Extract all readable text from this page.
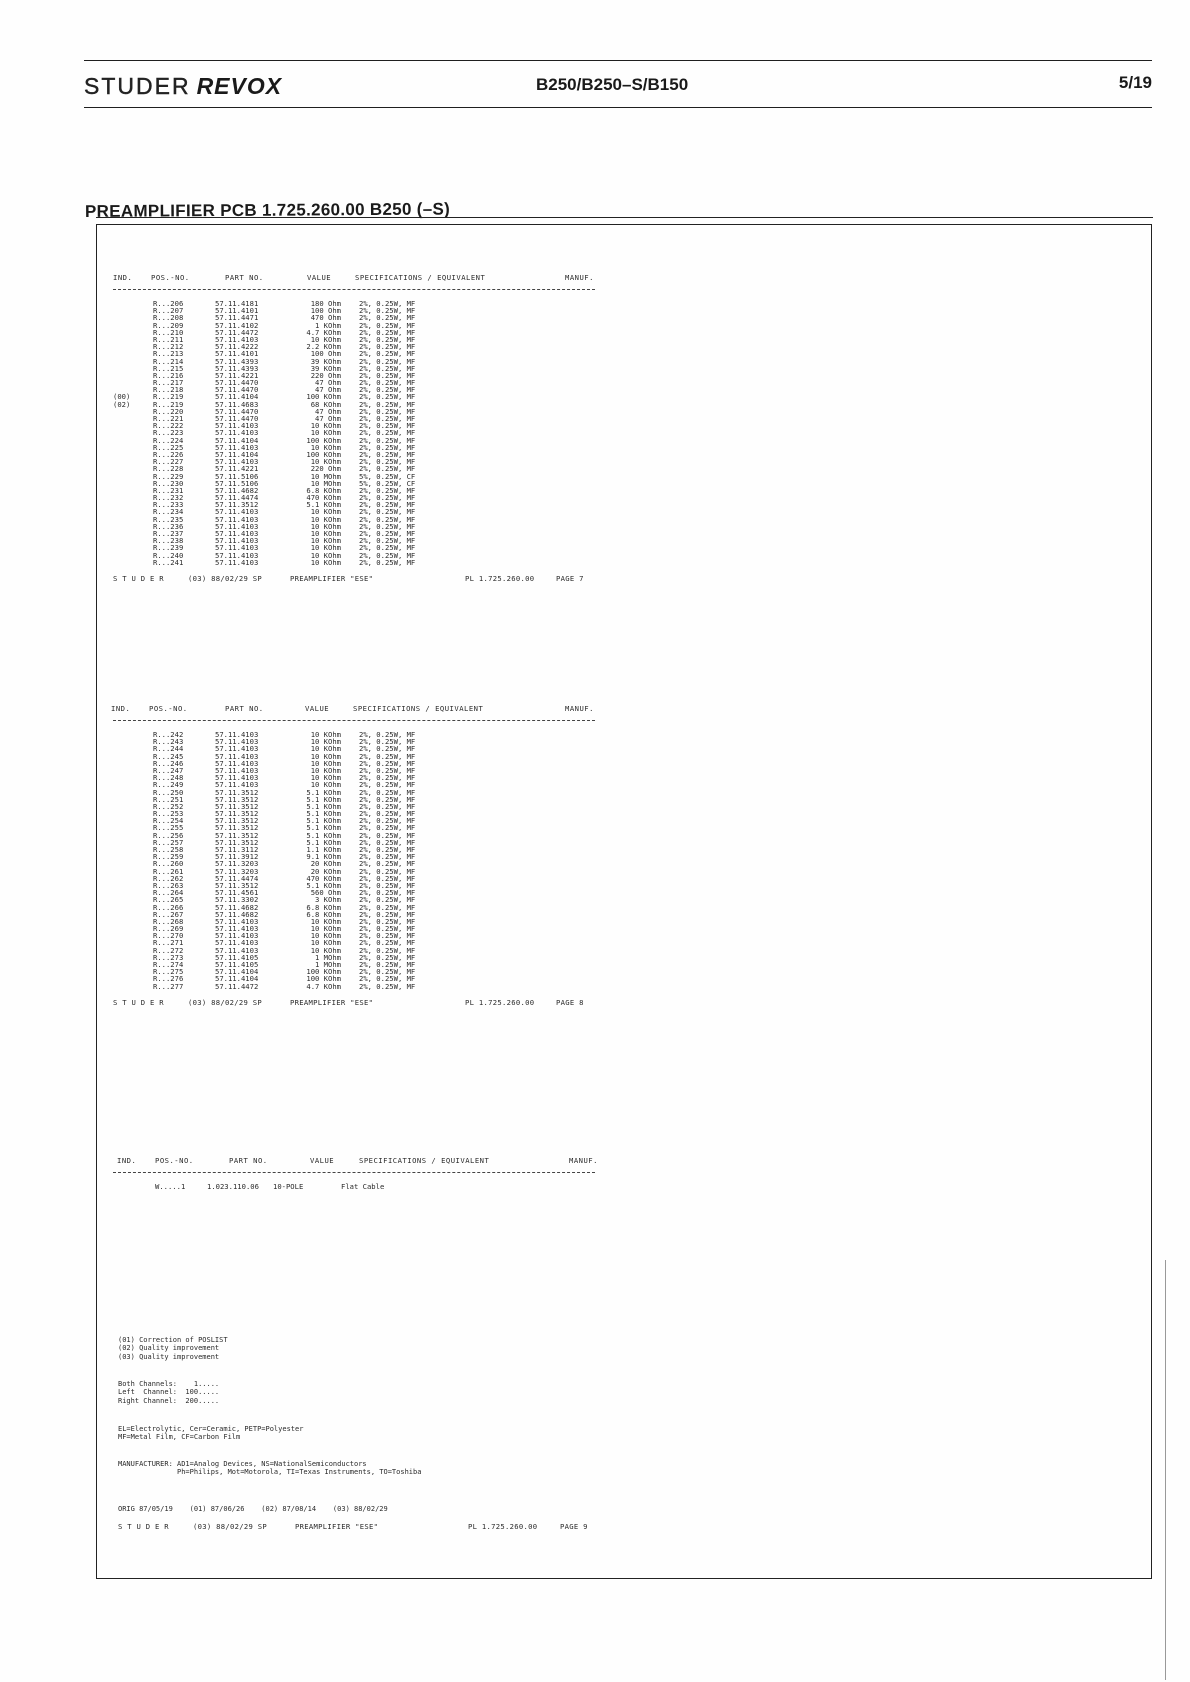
STUDER REVOX	B250/B250–S/B150	5/19
PREAMPLIFIER PCB 1.725.260.00 B250 (–S)
IND.	POS.-NO.	PART NO.	VALUE	SPECIFICATIONS / EQUIVALENT	MANUF.
R...206	57.11.4181	180 Ohm	2%, 0.25W, MF
R...207	57.11.4101	100 Ohm	2%, 0.25W, MF
R...208	57.11.4471	470 Ohm	2%, 0.25W, MF
R...209	57.11.4102	1 KOhm	2%, 0.25W, MF
R...210	57.11.4472	4.7 KOhm	2%, 0.25W, MF
R...211	57.11.4103	10 KOhm	2%, 0.25W, MF
R...212	57.11.4222	2.2 KOhm	2%, 0.25W, MF
R...213	57.11.4101	100 Ohm	2%, 0.25W, MF
R...214	57.11.4393	39 KOhm	2%, 0.25W, MF
R...215	57.11.4393	39 KOhm	2%, 0.25W, MF
R...216	57.11.4221	220 Ohm	2%, 0.25W, MF
R...217	57.11.4470	47 Ohm	2%, 0.25W, MF
R...218	57.11.4470	47 Ohm	2%, 0.25W, MF
(00)	R...219	57.11.4104	100 KOhm	2%, 0.25W, MF
(02)	R...219	57.11.4683	68 KOhm	2%, 0.25W, MF
R...220	57.11.4470	47 Ohm	2%, 0.25W, MF
R...221	57.11.4470	47 Ohm	2%, 0.25W, MF
R...222	57.11.4103	10 KOhm	2%, 0.25W, MF
R...223	57.11.4103	10 KOhm	2%, 0.25W, MF
R...224	57.11.4104	100 KOhm	2%, 0.25W, MF
R...225	57.11.4103	10 KOhm	2%, 0.25W, MF
R...226	57.11.4104	100 KOhm	2%, 0.25W, MF
R...227	57.11.4103	10 KOhm	2%, 0.25W, MF
R...228	57.11.4221	220 Ohm	2%, 0.25W, MF
R...229	57.11.5106	10 MOhm	5%, 0.25W, CF
R...230	57.11.5106	10 MOhm	5%, 0.25W, CF
R...231	57.11.4682	6.8 KOhm	2%, 0.25W, MF
R...232	57.11.4474	470 KOhm	2%, 0.25W, MF
R...233	57.11.3512	5.1 KOhm	2%, 0.25W, MF
R...234	57.11.4103	10 KOhm	2%, 0.25W, MF
R...235	57.11.4103	10 KOhm	2%, 0.25W, MF
R...236	57.11.4103	10 KOhm	2%, 0.25W, MF
R...237	57.11.4103	10 KOhm	2%, 0.25W, MF
R...238	57.11.4103	10 KOhm	2%, 0.25W, MF
R...239	57.11.4103	10 KOhm	2%, 0.25W, MF
R...240	57.11.4103	10 KOhm	2%, 0.25W, MF
R...241	57.11.4103	10 KOhm	2%, 0.25W, MF
S T U D E R	(03) 88/02/29 SP	PREAMPLIFIER "ESE"	PL 1.725.260.00	PAGE 7
IND.	POS.-NO.	PART NO.	VALUE	SPECIFICATIONS / EQUIVALENT	MANUF.
R...242	57.11.4103	10 KOhm	2%, 0.25W, MF
R...243	57.11.4103	10 KOhm	2%, 0.25W, MF
R...244	57.11.4103	10 KOhm	2%, 0.25W, MF
R...245	57.11.4103	10 KOhm	2%, 0.25W, MF
R...246	57.11.4103	10 KOhm	2%, 0.25W, MF
R...247	57.11.4103	10 KOhm	2%, 0.25W, MF
R...248	57.11.4103	10 KOhm	2%, 0.25W, MF
R...249	57.11.4103	10 KOhm	2%, 0.25W, MF
R...250	57.11.3512	5.1 KOhm	2%, 0.25W, MF
R...251	57.11.3512	5.1 KOhm	2%, 0.25W, MF
R...252	57.11.3512	5.1 KOhm	2%, 0.25W, MF
R...253	57.11.3512	5.1 KOhm	2%, 0.25W, MF
R...254	57.11.3512	5.1 KOhm	2%, 0.25W, MF
R...255	57.11.3512	5.1 KOhm	2%, 0.25W, MF
R...256	57.11.3512	5.1 KOhm	2%, 0.25W, MF
R...257	57.11.3512	5.1 KOhm	2%, 0.25W, MF
R...258	57.11.3112	1.1 KOhm	2%, 0.25W, MF
R...259	57.11.3912	9.1 KOhm	2%, 0.25W, MF
R...260	57.11.3203	20 KOhm	2%, 0.25W, MF
R...261	57.11.3203	20 KOhm	2%, 0.25W, MF
R...262	57.11.4474	470 KOhm	2%, 0.25W, MF
R...263	57.11.3512	5.1 KOhm	2%, 0.25W, MF
R...264	57.11.4561	560 Ohm	2%, 0.25W, MF
R...265	57.11.3302	3 KOhm	2%, 0.25W, MF
R...266	57.11.4682	6.8 KOhm	2%, 0.25W, MF
R...267	57.11.4682	6.8 KOhm	2%, 0.25W, MF
R...268	57.11.4103	10 KOhm	2%, 0.25W, MF
R...269	57.11.4103	10 KOhm	2%, 0.25W, MF
R...270	57.11.4103	10 KOhm	2%, 0.25W, MF
R...271	57.11.4103	10 KOhm	2%, 0.25W, MF
R...272	57.11.4103	10 KOhm	2%, 0.25W, MF
R...273	57.11.4105	1 MOhm	2%, 0.25W, MF
R...274	57.11.4105	1 MOhm	2%, 0.25W, MF
R...275	57.11.4104	100 KOhm	2%, 0.25W, MF
R...276	57.11.4104	100 KOhm	2%, 0.25W, MF
R...277	57.11.4472	4.7 KOhm	2%, 0.25W, MF
S T U D E R	(03) 88/02/29 SP	PREAMPLIFIER "ESE"	PL 1.725.260.00	PAGE 8
IND.	POS.-NO.	PART NO.	VALUE	SPECIFICATIONS / EQUIVALENT	MANUF.
W.....1	1.023.110.06 10-POLE	Flat Cable
(01) Correction of POSLIST
(02) Quality improvement
(03) Quality improvement
Both Channels:    1.....
Left  Channel:  100.....
Right Channel:  200.....
EL=Electrolytic, Cer=Ceramic, PETP=Polyester
MF=Metal Film, CF=Carbon Film
MANUFACTURER: AD1=Analog Devices, NS=NationalSemiconductors
Ph=Philips, Mot=Motorola, TI=Texas Instruments, TO=Toshiba
ORIG 87/05/19    (01) 87/06/26    (02) 87/08/14    (03) 88/02/29
S T U D E R	(03) 88/02/29 SP	PREAMPLIFIER "ESE"	PL 1.725.260.00	PAGE 9
